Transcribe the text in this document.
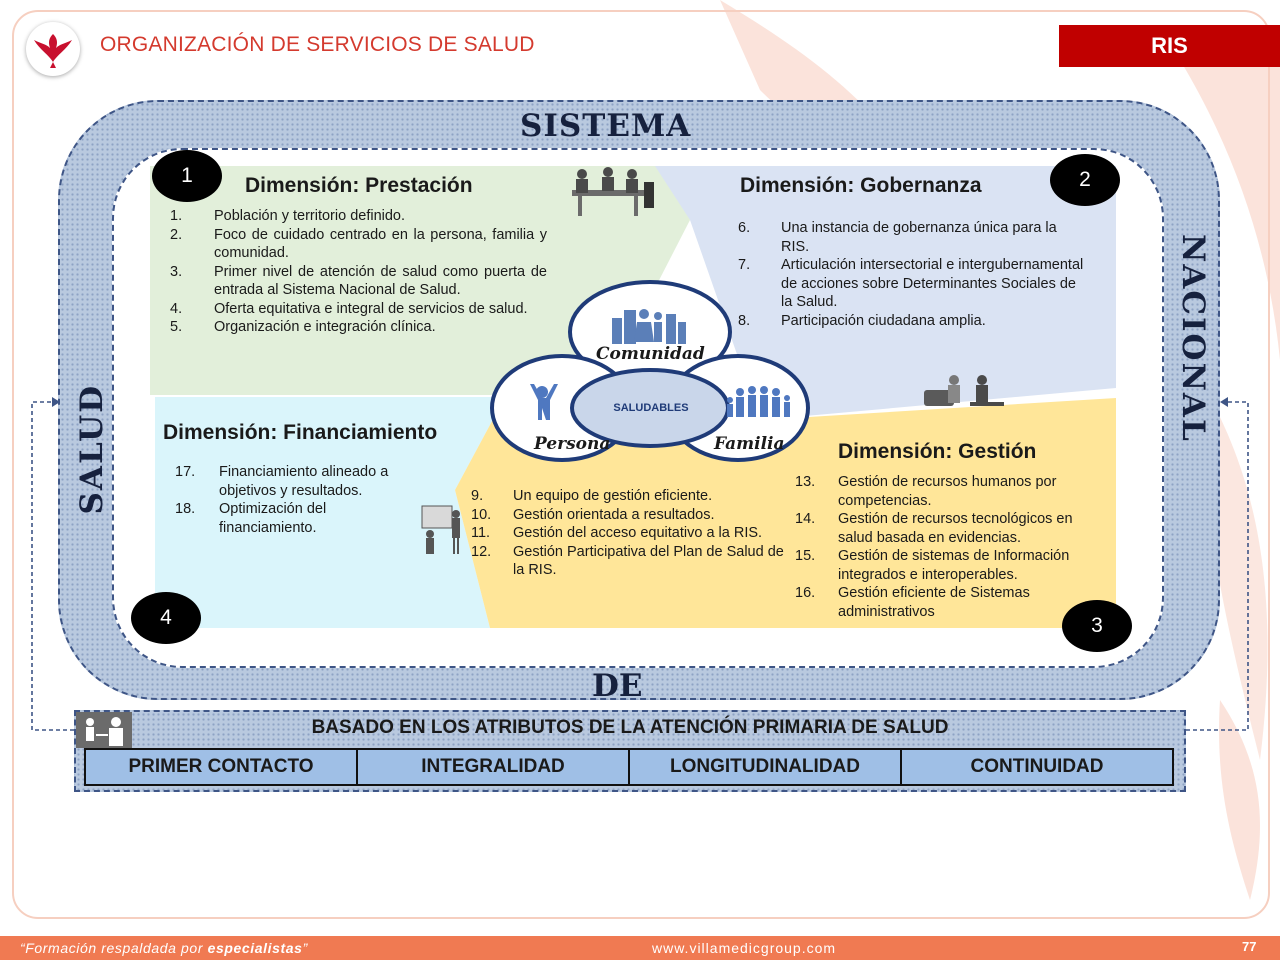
ORGANIZACIÓN DE SERVICIOS DE SALUD	RIS
SISTEMA
NACIONAL
DE
SALUD
1	2
3
4
Dimensión: Prestación	Dimensión: Gobernanza
Dimensión: Financiamiento
Dimensión: Gestión
1.	Población y territorio definido.
2.	Foco de cuidado centrado en la persona, familia y comunidad.
3.	Primer nivel de atención de salud como puerta de entrada al Sistema Nacional de Salud.
4.	Oferta equitativa e integral de servicios de salud.
5.	Organización e integración clínica.
6.	Una instancia de gobernanza única para la RIS.
7.	Articulación intersectorial e intergubernamental de acciones sobre Determinantes Sociales de la Salud.
8.	Participación ciudadana amplia.
17.	Financiamiento alineado a objetivos y resultados.
18.	Optimización del financiamiento.
9.	Un equipo de gestión eficiente.
10.	Gestión orientada a resultados.
11.	Gestión del acceso equitativo a la RIS.
12.	Gestión Participativa del Plan de Salud de la RIS.
13.	Gestión de recursos humanos por competencias.
14.	Gestión de recursos tecnológicos en salud basada en evidencias.
15.	Gestión de sistemas de Información integrados e interoperables.
16.	Gestión eficiente de Sistemas administrativos
Comunidad
Persona	Familia
SALUDABLES
BASADO EN LOS ATRIBUTOS DE LA ATENCIÓN PRIMARIA DE SALUD
PRIMER CONTACTO	INTEGRALIDAD	LONGITUDINALIDAD	CONTINUIDAD
“Formación respaldada por especialistas”	www.villamedicgroup.com	77
